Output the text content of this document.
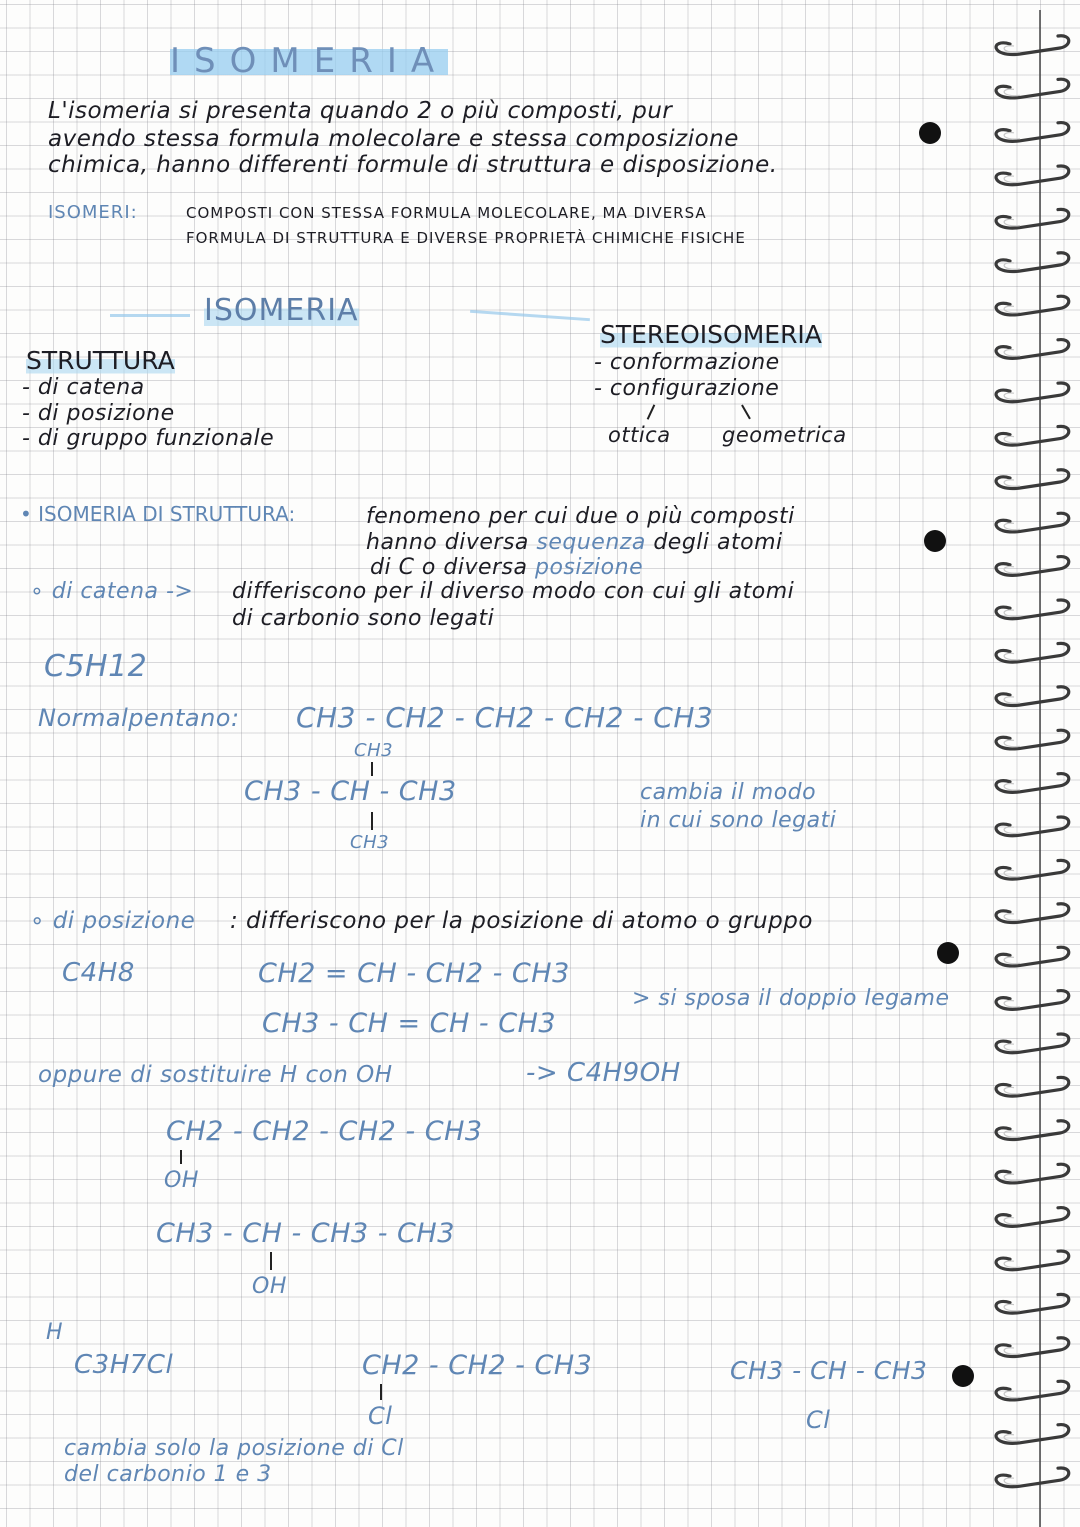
ISOMERIA
L'isomeria si presenta quando 2 o più composti, pur
avendo stessa formula molecolare e stessa composizione
chimica, hanno differenti formule di struttura e disposizione.
ISOMERI:	COMPOSTI CON STESSA FORMULA MOLECOLARE, MA DIVERSA
FORMULA DI STRUTTURA E DIVERSE PROPRIETÀ CHIMICHE FISICHE
ISOMERIA
STRUTTURA
- di catena
- di posizione
- di gruppo funzionale
STEREOISOMERIA
- conformazione
- configurazione
ottica geometrica
• ISOMERIA DI STRUTTURA:	fenomeno per cui due o più composti
hanno diversa sequenza degli atomi
di C o diversa posizione
∘ di catena -> differiscono per il diverso modo con cui gli atomi
di carbonio sono legati
C5H12
Normalpentano: CH3 - CH2 - CH2 - CH2 - CH3
CH3
CH3 - CH - CH3
CH3
cambia il modo
in cui sono legati
∘ di posizione : differiscono per la posizione di atomo o gruppo
C4H8	CH2 = CH - CH2 - CH3
CH3 - CH = CH - CH3
> si sposa il doppio legame
oppure di sostituire H con OH	-> C4H9OH
CH2 - CH2 - CH2 - CH3
OH
CH3 - CH - CH3 - CH3
OH
H
C3H7Cl	CH2 - CH2 - CH3
Cl
CH3 - CH - CH3
Cl
cambia solo la posizione di Cl
del carbonio 1 e 3
